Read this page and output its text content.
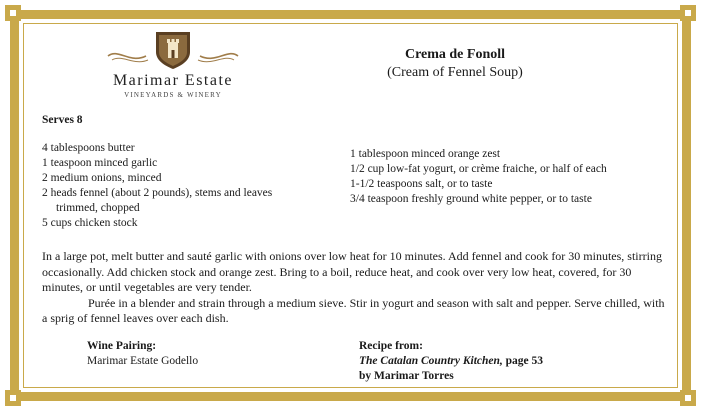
Marimar Estate
VINEYARDS & WINERY
Crema de Fonoll
(Cream of Fennel Soup)
Serves 8
4 tablespoons butter
1 teaspoon minced garlic
2 medium onions, minced
2 heads fennel (about 2 pounds), stems and leaves trimmed, chopped
5 cups chicken stock
1 tablespoon minced orange zest
1/2 cup low-fat yogurt, or crème fraiche, or half of each
1-1/2 teaspoons salt, or to taste
3/4 teaspoon freshly ground white pepper, or to taste

In a large pot, melt butter and sauté garlic with onions over low heat for 10 minutes. Add fennel and cook for 30 minutes, stirring occasionally. Add chicken stock and orange zest. Bring to a boil, reduce heat, and cook over very low heat, covered, for 30 minutes, or until vegetables are very tender.

Purée in a blender and strain through a medium sieve. Stir in yogurt and season with salt and pepper. Serve chilled, with a sprig of fennel leaves over each dish.

Wine Pairing:
Marimar Estate Godello
Recipe from:
The Catalan Country Kitchen, page 53
by Marimar Torres
